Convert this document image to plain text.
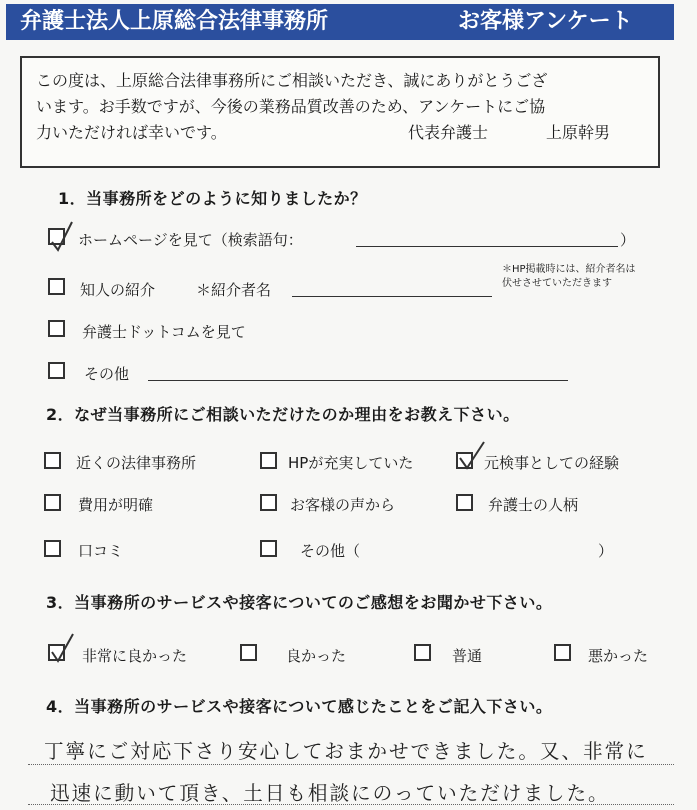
弁護士法人上原総合法律事務所	お客様アンケート
この度は、上原総合法律事務所にご相談いただき、誠にありがとうござ
います。お手数ですが、今後の業務品質改善のため、アンケートにご協
力いただければ幸いです。	代表弁護士	上原幹男
1．当事務所をどのように知りましたか？
ホームページを見て（検索語句：	）
知人の紹介	＊紹介者名
＊HP掲載時には、紹介者名は
伏せさせていただきます
弁護士ドットコムを見て
その他
2．なぜ当事務所にご相談いただけたのか理由をお教え下さい。
近くの法律事務所	HPが充実していた	元検事としての経験
費用が明確	お客様の声から	弁護士の人柄
口コミ	その他（	）
3．当事務所のサービスや接客についてのご感想をお聞かせ下さい。
非常に良かった	良かった	普通	悪かった
4．当事務所のサービスや接客について感じたことをご記入下さい。
丁寧にご対応下さり安心しておまかせできました。又、非常に
迅速に動いて頂き、土日も相談にのっていただけました。
